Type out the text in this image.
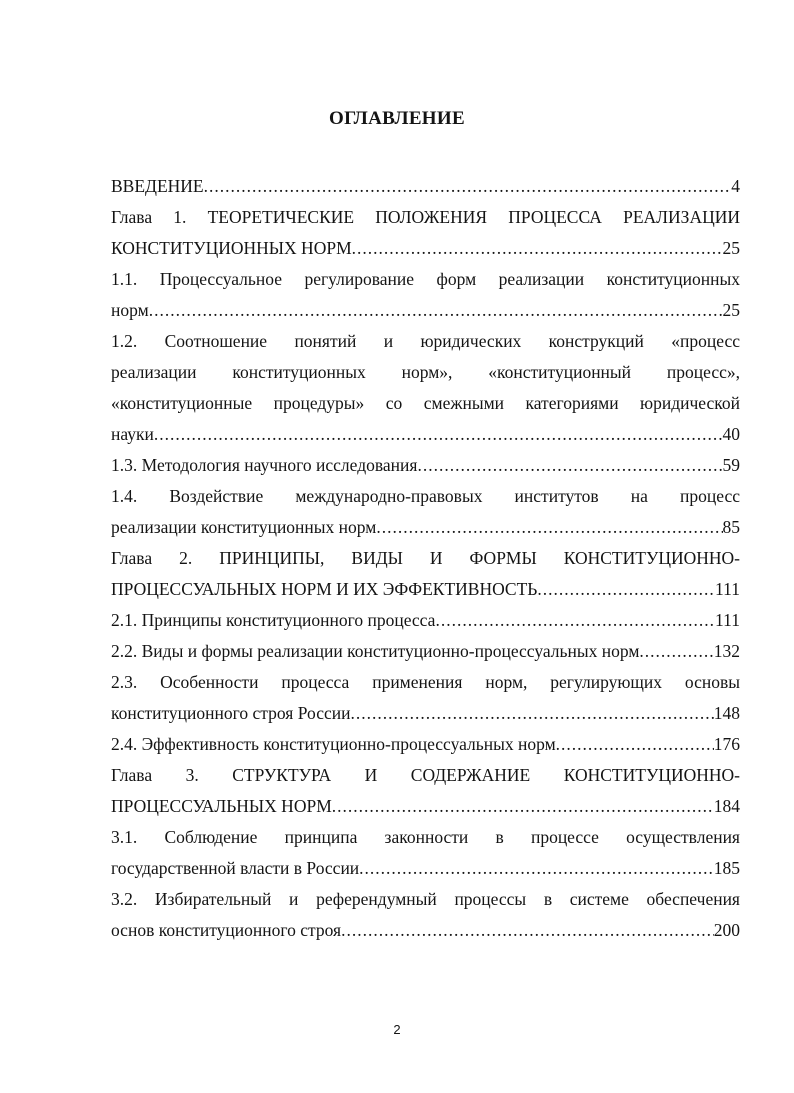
ОГЛАВЛЕНИЕ
ВВЕДЕНИЕ .....	4
Глава 1. ТЕОРЕТИЧЕСКИЕ ПОЛОЖЕНИЯ ПРОЦЕССА РЕАЛИЗАЦИИ
КОНСТИТУЦИОННЫХ НОРМ .....	25
1.1. Процессуальное регулирование форм реализации конституционных
норм .....	25
1.2. Соотношение понятий и юридических конструкций «процесс
реализации конституционных норм», «конституционный процесс»,
«конституционные процедуры» со смежными категориями юридической
науки .....	40
1.3. Методология научного исследования .....	59
1.4. Воздействие международно-правовых институтов на процесс
реализации конституционных норм .....	85
Глава 2. ПРИНЦИПЫ, ВИДЫ И ФОРМЫ КОНСТИТУЦИОННО-
ПРОЦЕССУАЛЬНЫХ НОРМ И ИХ ЭФФЕКТИВНОСТЬ .....	111
2.1. Принципы конституционного процесса .....	111
2.2. Виды и формы реализации конституционно-процессуальных норм .....	132
2.3. Особенности процесса применения норм, регулирующих основы
конституционного строя России .....	148
2.4. Эффективность конституционно-процессуальных норм .....	176
Глава 3. СТРУКТУРА И СОДЕРЖАНИЕ КОНСТИТУЦИОННО-
ПРОЦЕССУАЛЬНЫХ НОРМ .....	184
3.1. Соблюдение принципа законности в процессе осуществления
государственной власти в России .....	185
3.2. Избирательный и референдумный процессы в системе обеспечения
основ конституционного строя .....	200
2
